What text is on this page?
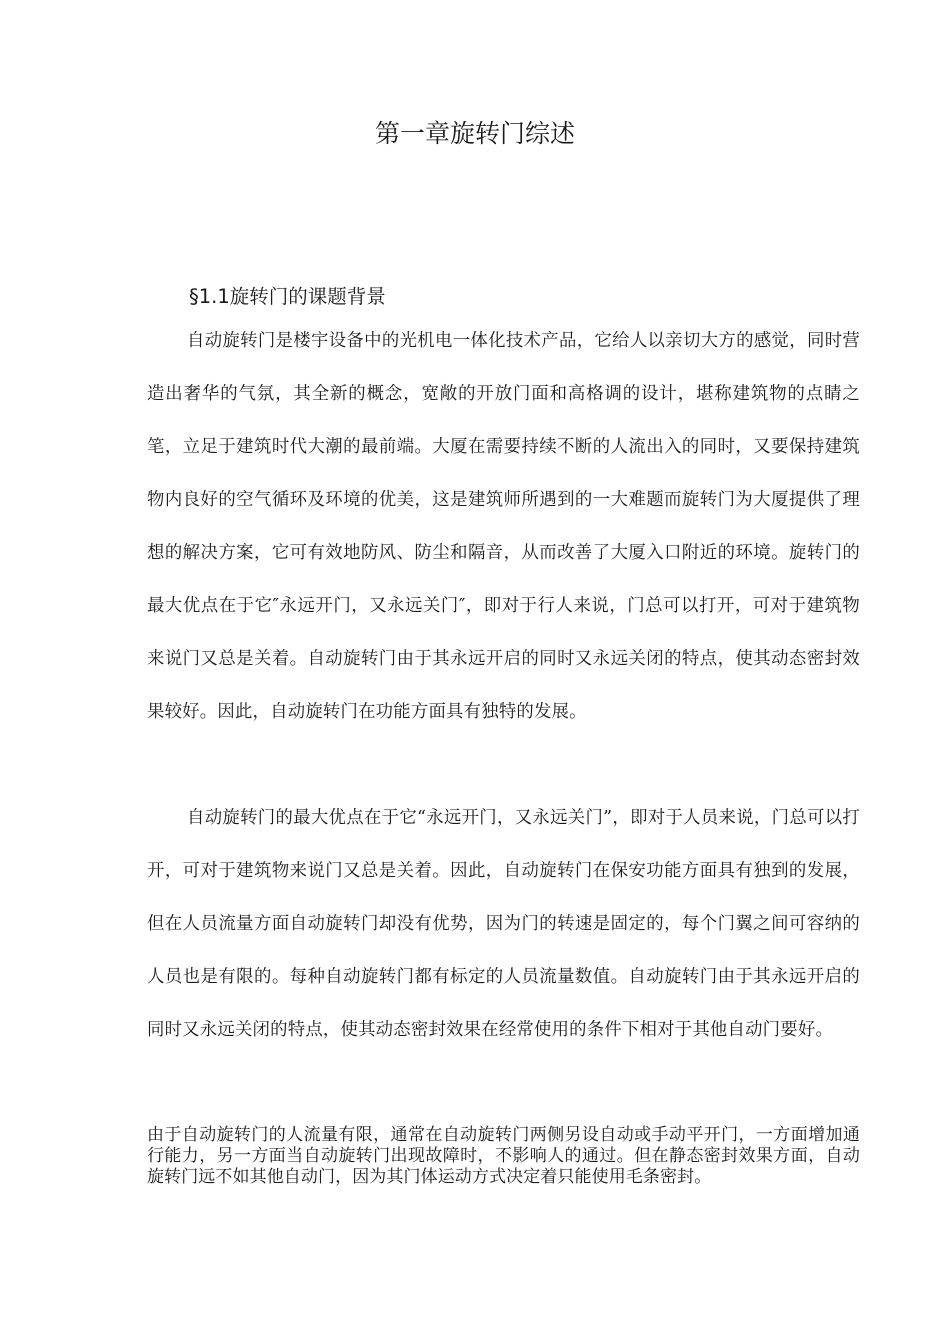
第一章旋转门综述
§1.1旋转门的课题背景

自动旋转门是楼宇设备中的光机电一体化技术产品，它给人以亲切大方的感觉，同时营造出奢华的气氛，其全新的概念，宽敞的开放门面和高格调的设计，堪称建筑物的点睛之笔，立足于建筑时代大潮的最前端。大厦在需要持续不断的人流出入的同时，又要保持建筑物内良好的空气循环及环境的优美，这是建筑师所遇到的一大难题而旋转门为大厦提供了理想的解决方案，它可有效地防风、防尘和隔音，从而改善了大厦入口附近的环境。旋转门的最大优点在于它″永远开门，又永远关门″，即对于行人来说，门总可以打开，可对于建筑物来说门又总是关着。自动旋转门由于其永远开启的同时又永远关闭的特点，使其动态密封效果较好。因此，自动旋转门在功能方面具有独特的发展。

自动旋转门的最大优点在于它“永远开门，又永远关门”，即对于人员来说，门总可以打开，可对于建筑物来说门又总是关着。因此，自动旋转门在保安功能方面具有独到的发展，但在人员流量方面自动旋转门却没有优势，因为门的转速是固定的，每个门翼之间可容纳的人员也是有限的。每种自动旋转门都有标定的人员流量数值。自动旋转门由于其永远开启的同时又永远关闭的特点，使其动态密封效果在经常使用的条件下相对于其他自动门要好。

由于自动旋转门的人流量有限，通常在自动旋转门两侧另设自动或手动平开门，一方面增加通行能力，另一方面当自动旋转门出现故障时，不影响人的通过。但在静态密封效果方面，自动旋转门远不如其他自动门，因为其门体运动方式决定着只能使用毛条密封。
